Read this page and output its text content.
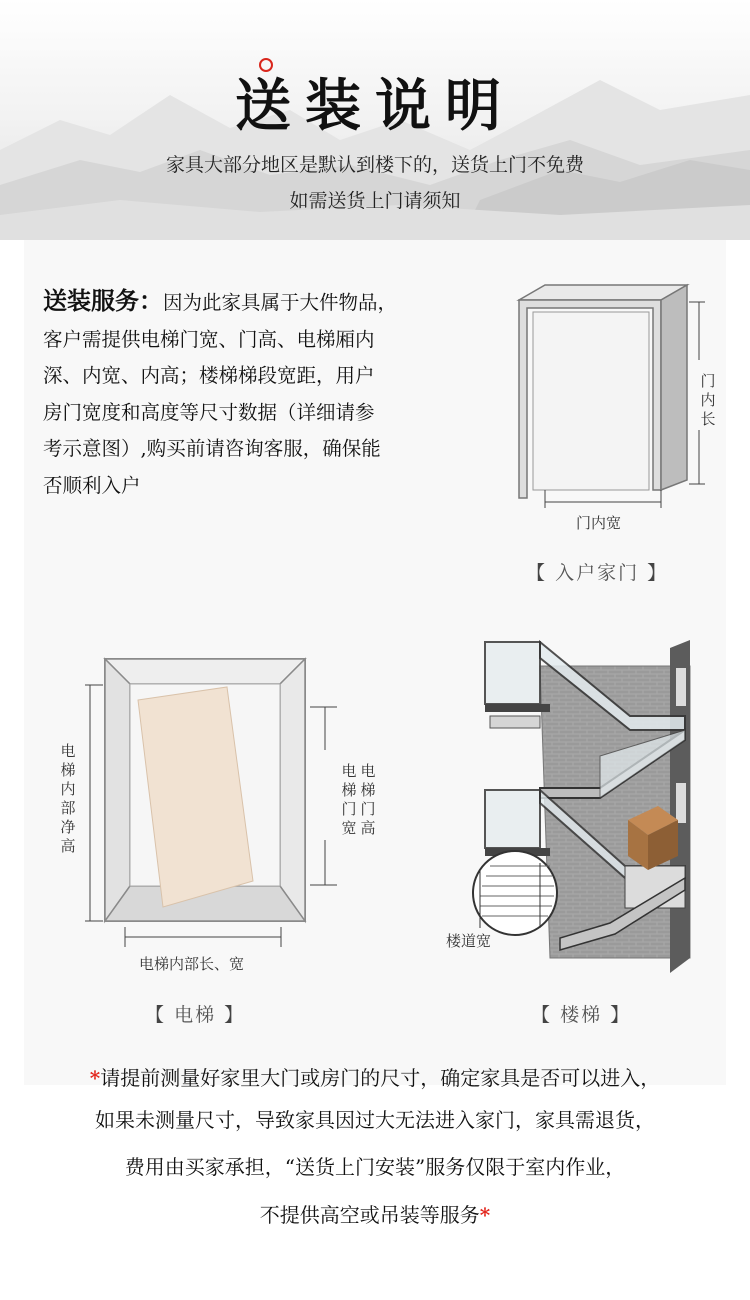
送装说明
家具大部分地区是默认到楼下的，送货上门不免费
如需送货上门请须知
送装服务：因为此家具属于大件物品，
客户需提供电梯门宽、门高、电梯厢内
深、内宽、内高；楼梯梯段宽距，用户
房门宽度和高度等尺寸数据（详细请参
考示意图）,购买前请咨询客服，确保能
否顺利入户
门
内
长
门内宽
【 入户家门 】
电
梯
内
部
净
高
电
梯
门
宽
电
梯
门
高
电梯内部长、宽
【 电梯 】
楼道宽
【 楼梯 】
*请提前测量好家里大门或房门的尺寸，确定家具是否可以进入，
如果未测量尺寸，导致家具因过大无法进入家门，家具需退货，
费用由买家承担，“送货上门安装”服务仅限于室内作业，
不提供高空或吊装等服务*
